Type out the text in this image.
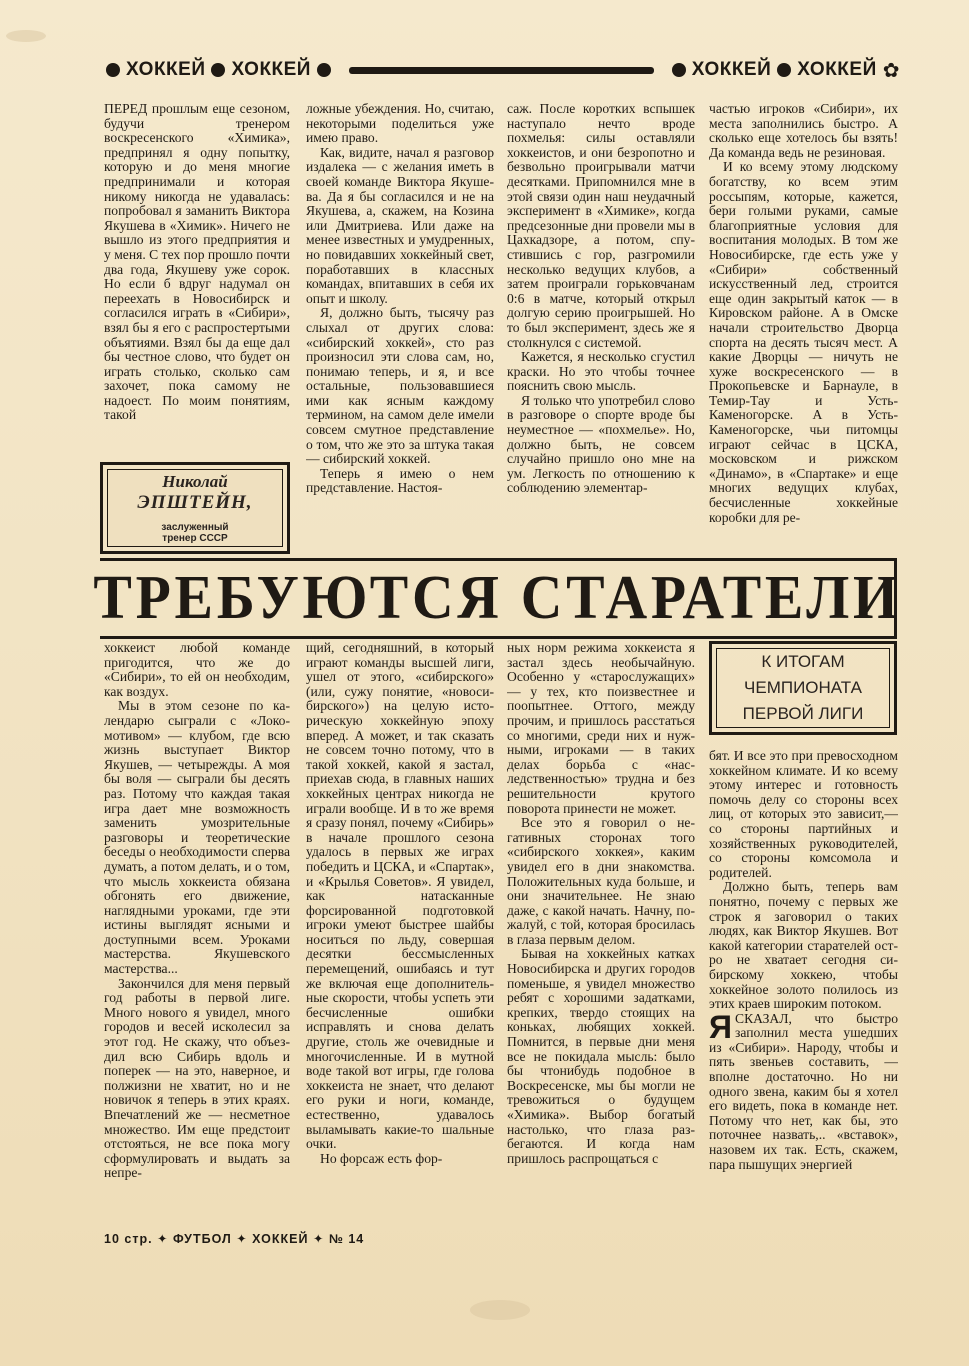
ХОККЕЙ ХОККЕЙ	ХОККЕЙ ХОККЕЙ ✿

ПЕРЕД прошлым еще сезоном, будучи тренером воскресенского «Химика», предпринял я одну попытку, которую и до меня многие предпринимали и которая никому никогда не удавалась: попробовал я заманить Виктора Якушева в «Химик». Ничего не вышло из этого предприятия и у меня. С тех пор прошло почти два года, Якушеву уже сорок. Но если б вдруг надумал он переехать в Новосибирск и согласился играть в «Сибири», взял бы я его с распростертыми объятиями. Взял бы да еще дал бы честное слово, что будет он играть столько, сколько сам захочет, пока самому не надоест. По моим понятиям, такой

ложные убеждения. Но, считаю, некоторыми поделиться уже имею право.

Как, видите, начал я разговор издалека — с желания иметь в своей команде Виктора Якушева. Да я бы согласился и не на Якушева, а, скажем, на Козина или Дмитриева. Или даже на менее известных и умудренных, но повидавших хоккейный свет, поработавших в классных командах, впитавших в себя их опыт и школу.

Я, должно быть, тысячу раз слыхал от других слова: «сибирский хоккей», сто раз произносил эти слова сам, но, понимаю теперь, и я, и все остальные, пользовавшиеся ими как ясным каждому термином, на самом деле имели совсем смутное представление о том, что же это за штука такая — сибирский хоккей.

Теперь я имею о нем представление. Настоя-

саж. После коротких вспышек наступало нечто вроде похмелья: силы оставляли хоккеистов, и они безропотно и безвольно проигрывали матчи десятками. Припомнился мне в этой связи один наш неудачный эксперимент в «Химике», когда предсезонные дни провели мы в Цахкадзоре, а потом, спустившись с гор, разгромили несколько ведущих клубов, а затем проиграли горьковчанам 0:6 в матче, который открыл долгую серию проигрышей. Но то был эксперимент, здесь же я столкнулся с системой.

Кажется, я несколько сгустил краски. Но это чтобы точнее пояснить свою мысль.

Я только что употребил слово в разговоре о спорте вроде бы неуместное — «похмелье». Но, должно быть, не совсем случайно пришло оно мне на ум. Легкость по отношению к соблюдению элементар-

частью игроков «Сибири», их места заполнились быстро. А сколько еще хотелось бы взять! Да команда ведь не резиновая.

И ко всему этому людскому богатству, ко всем этим россыпям, которые, кажется, бери голыми руками, самые благоприятные условия для воспитания молодых. В том же Новосибирске, где есть уже у «Сибири» собственный искусственный лед, строится еще один закрытый каток — в Кировском районе. А в Омске начали строительство Дворца спорта на десять тысяч мест. А какие Дворцы — ничуть не хуже воскресенского — в Прокопьевске и Барнауле, в Темир-Тау и Усть-Каменогорске. А в Усть-Каменогорске, чьи питомцы играют сейчас в ЦСКА, московском и рижском «Динамо», в «Спартаке» и еще многих ведущих клубах, бесчисленные хоккейные коробки для ре-

Николай
ЭПШТЕЙН,
заслуженный
тренер СССР
ТРЕБУЮТСЯ СТАРАТЕЛИ
К ИТОГАМ
ЧЕМПИОНАТА
ПЕРВОЙ ЛИГИ

хоккеист любой команде пригодится, что же до «Сибири», то ей он необходим, как воздух.

Мы в этом сезоне по календарю сыграли с «Локомотивом» — клубом, где всю жизнь выступает Виктор Якушев, — четырежды. А моя бы воля — сыграли бы десять раз. Потому что каждая такая игра дает мне возможность заменить умозрительные разговоры и теоретические беседы о необходимости сперва думать, а потом делать, и о том, что мысль хоккеиста обязана обгонять его движение, наглядными уроками, где эти истины выглядят ясными и доступными всем. Уроками мастерства. Якушевского мастерства...

Закончился для меня первый год работы в первой лиге. Много нового я увидел, много городов и весей исколесил за этот год. Не скажу, что объездил всю Сибирь вдоль и поперек — на это, наверное, и полжизни не хватит, но и не новичок я теперь в этих краях. Впечатлений же — несметное множество. Им еще предстоит отстояться, не все пока могу сформулировать и выдать за непре-

щий, сегодняшний, в который играют команды высшей лиги, ушел от этого, «сибирского» (или, сужу понятие, «новосибирского») на целую историческую хоккейную эпоху вперед. А может, и так сказать не совсем точно потому, что в такой хоккей, какой я застал, приехав сюда, в главных наших хоккейных центрах никогда не играли вообще. И в то же время я сразу понял, почему «Сибирь» в начале прошлого сезона удалось в первых же играх победить и ЦСКА, и «Спартак», и «Крылья Советов». Я увидел, как натасканные форсированной подготовкой игроки умеют быстрее шайбы носиться по льду, совершая десятки бессмысленных перемещений, ошибаясь и тут же включая еще дополнительные скорости, чтобы успеть эти бесчисленные ошибки исправлять и снова делать другие, столь же очевидные и многочисленные. И в мутной воде такой вот игры, где голова хоккеиста не знает, что делают его руки и ноги, команде, естественно, удавалось выламывать какие-то шальные очки.

Но форсаж есть фор-

ных норм режима хоккеиста я застал здесь необычайную. Особенно у «старослужащих» — у тех, кто поизвестнее и поопытнее. Оттого, между прочим, и пришлось расстаться со многими, среди них и нужными, игроками — в таких делах борьба с «наследственностью» трудна и без решительности крутого поворота принести не может.

Все это я говорил о негативных сторонах того «сибирского хоккея», каким увидел его в дни знакомства. Положительных куда больше, и они значительнее. Не знаю даже, с какой начать. Начну, пожалуй, с той, которая бросилась в глаза первым делом.

Бывая на хоккейных катках Новосибирска и других городов поменьше, я увидел множество ребят с хорошими задатками, крепких, твердо стоящих на коньках, любящих хоккей. Помнится, в первые дни меня все не покидала мысль: было бы чтонибудь подобное в Воскресенске, мы бы могли не тревожиться о будущем «Химика». Выбор богатый настолько, что глаза разбегаются. И когда нам пришлось распрощаться с

бят. И все это при превосходном хоккейном климате. И ко всему этому интерес и готовность помочь делу со стороны всех лиц, от которых это зависит,— со стороны партийных и хозяйственных руководителей, со стороны комсомола и родителей.

Должно быть, теперь вам понятно, почему с первых же строк я заговорил о таких людях, как Виктор Якушев. Вот какой категории старателей остро не хватает сегодня сибирскому хоккею, чтобы хоккейное золото полилось из этих краев широким потоком.

ЯСКАЗАЛ, что быстро заполнил места ушедших из «Сибири». Народу, чтобы и пять звеньев составить, — вполне достаточно. Но ни одного звена, каким бы я хотел его видеть, пока в команде нет. Потому что нет, как бы, это поточнее назвать,.. «вставок», назовем их так. Есть, скажем, пара пышущих энергией

10 стр. ✦ ФУТБОЛ ✦ ХОККЕЙ ✦ № 14
